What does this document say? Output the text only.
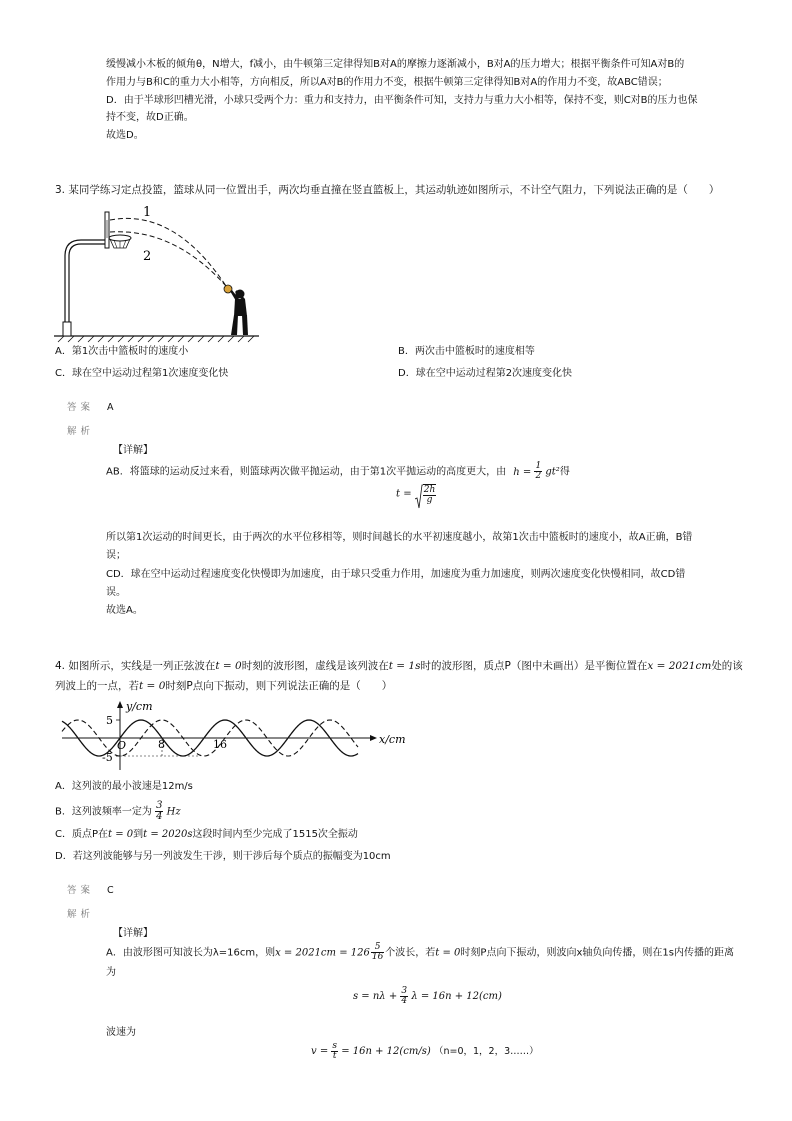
缓慢减小木板的倾角θ，N增大，f减小，由牛顿第三定律得知B对A的摩擦力逐渐减小，B对A的压力增大；根据平衡条件可知A对B的
作用力与B和C的重力大小相等，方向相反，所以A对B的作用力不变，根据牛顿第三定律得知B对A的作用力不变，故ABC错误；
D．由于半球形凹槽光滑，小球只受两个力：重力和支持力，由平衡条件可知，支持力与重力大小相等，保持不变，则C对B的压力也保
持不变，故D正确。
故选D。
3. 某同学练习定点投篮，篮球从同一位置出手，两次均垂直撞在竖直篮板上，其运动轨迹如图所示，不计空气阻力，下列说法正确的是（　　）
1
2
A．第1次击中篮板时的速度小	B．两次击中篮板时的速度相等
C．球在空中运动过程第1次速度变化快	D．球在空中运动过程第2次速度变化快
答案 A
解析
【详解】
AB．将篮球的运动反过来看，则篮球两次做平抛运动，由于第1次平抛运动的高度更大，由 $h = \frac{1}{2} gt^2$得
$t = \frac{2h}{g}$
所以第1次运动的时间更长，由于两次的水平位移相等，则时间越长的水平初速度越小，故第1次击中篮板时的速度小，故A正确，B错
误；
CD．球在空中运动过程速度变化快慢即为加速度，由于球只受重力作用，加速度为重力加速度，则两次速度变化快慢相同，故CD错
误。
故选A。
4. 如图所示，实线是一列正弦波在t = 0时刻的波形图，虚线是该列波在t = 1s时的波形图，质点P（图中未画出）是平衡位置在x = 2021cm处的该
列波上的一点，若t = 0时刻P点向下振动，则下列说法正确的是（　　）
y/cm
x/cm
5
-5
O	8	16
A．这列波的最小波速是12m/s
B．这列波频率一定为 $\frac{3}{4}$ Hz
C．质点P在t = 0到t = 2020s这段时间内至少完成了1515次全振动
D．若这列波能够与另一列波发生干涉，则干涉后每个质点的振幅变为10cm
答案 C
解析
【详解】
A．由波形图可知波长为λ=16cm，则$x = 2021cm = 126 \frac{5}{16}$ 个波长，若t = 0时刻P点向下振动，则波向x轴负向传播，则在1s内传播的距离
为
$s = n\lambda + \frac{3}{4}$ λ = 16n + 12(cm)
波速为
$v = \frac{s}{t} = 16n + 12(cm/s)$ （n=0，1，2，3……）
